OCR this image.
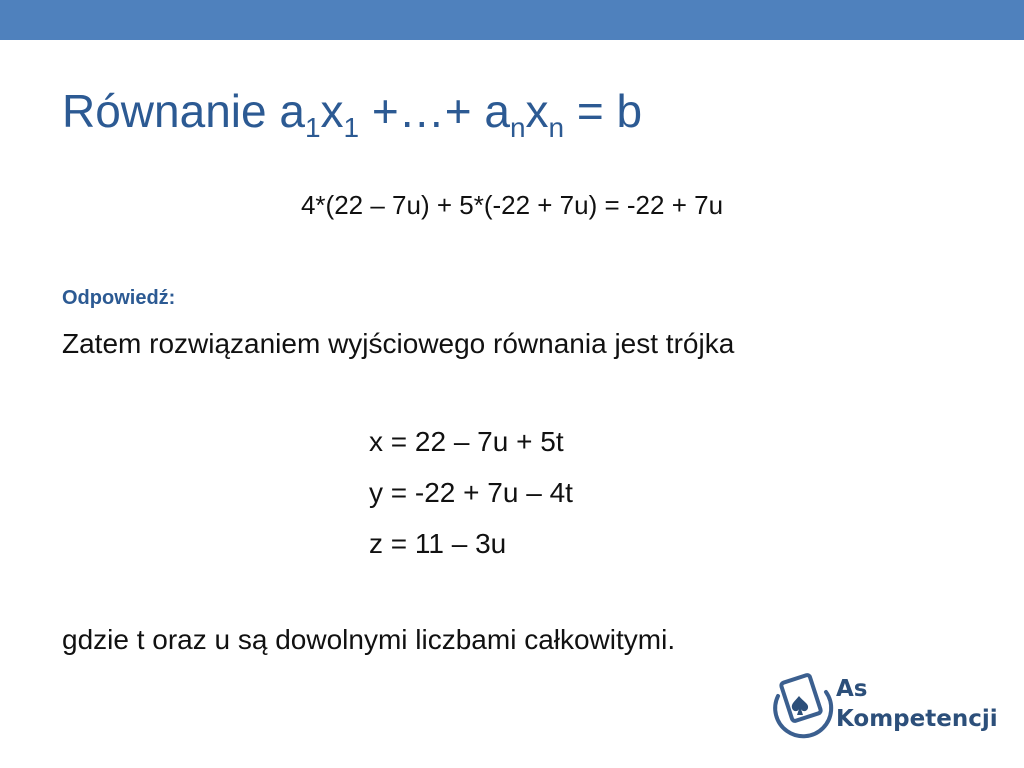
Równanie $a_1x_1$ +…+ $a_nx_n = b$
4*(22 – 7u) + 5*(-22 + 7u) = -22 + 7u
Odpowiedź:
Zatem rozwiązaniem wyjściowego równania jest trójka
x = 22 – 7u + 5t
y = -22 + 7u – 4t
z = 11 – 3u
gdzie t oraz u są dowolnymi liczbami całkowitymi.
As
Kompetencji
